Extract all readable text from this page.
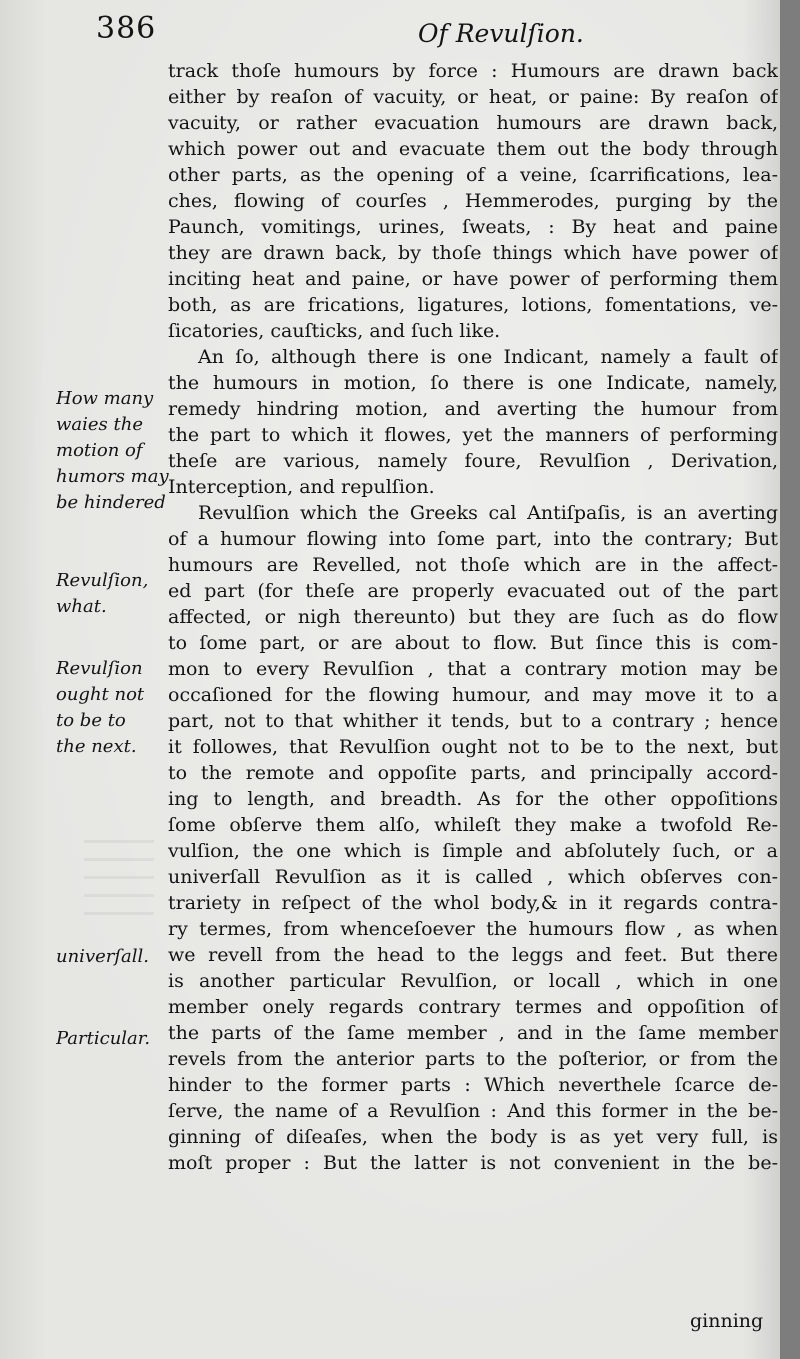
386	Of Revulſion.
track thoſe humours by force : Humours are drawn back
either by reaſon of vacuity, or heat, or paine: By reaſon of
vacuity, or rather evacuation humours are drawn back,
which power out and evacuate them out the body through
other parts, as the opening of a veine, ſcarrifications, lea-
ches, flowing of courſes , Hemmerodes, purging by the
Paunch, vomitings, urines, ſweats, : By heat and paine
they are drawn back, by thoſe things which have power of
inciting heat and paine, or have power of performing them
both, as are frications, ligatures, lotions, fomentations, ve-
ſicatories, cauſticks, and ſuch like.
An ſo, although there is one Indicant, namely a fault of
the humours in motion, ſo there is one Indicate, namely,
remedy hindring motion, and averting the humour from
the part to which it flowes, yet the manners of performing
theſe are various, namely foure, Revulſion , Derivation,
Interception, and repulſion.
Revulſion which the Greeks cal Antiſpaſis, is an averting
of a humour flowing into ſome part, into the contrary; But
humours are Revelled, not thoſe which are in the affect-
ed part (for theſe are properly evacuated out of the part
affected, or nigh thereunto) but they are ſuch as do flow
to ſome part, or are about to flow. But ſince this is com-
mon to every Revulſion , that a contrary motion may be
occaſioned for the flowing humour, and may move it to a
part, not to that whither it tends, but to a contrary ; hence
it followes, that Revulſion ought not to be to the next, but
to the remote and oppoſite parts, and principally accord-
ing to length, and breadth. As for the other oppoſitions
ſome obſerve them alſo, whileſt they make a twofold Re-
vulſion, the one which is ſimple and abſolutely ſuch, or a
univerſall Revulſion as it is called , which obſerves con-
trariety in reſpect of the whol body,& in it regards contra-
ry termes, from whenceſoever the humours flow , as when
we revell from the head to the leggs and feet. But there
is another particular Revulſion, or locall , which in one
member onely regards contrary termes and oppoſition of
the parts of the ſame member , and in the ſame member
revels from the anterior parts to the poſterior, or from the
hinder to the former parts : Which neverthele ſcarce de-
ſerve, the name of a Revulſion : And this former in the be-
ginning of diſeaſes, when the body is as yet very full, is
moſt proper : But the latter is not convenient in the be-
How many
waies the
motion of
humors may
be hindered
Revulſion,
what.
Revulſion
ought not
to be to
the next.
univerſall.
Particular.
ginning
